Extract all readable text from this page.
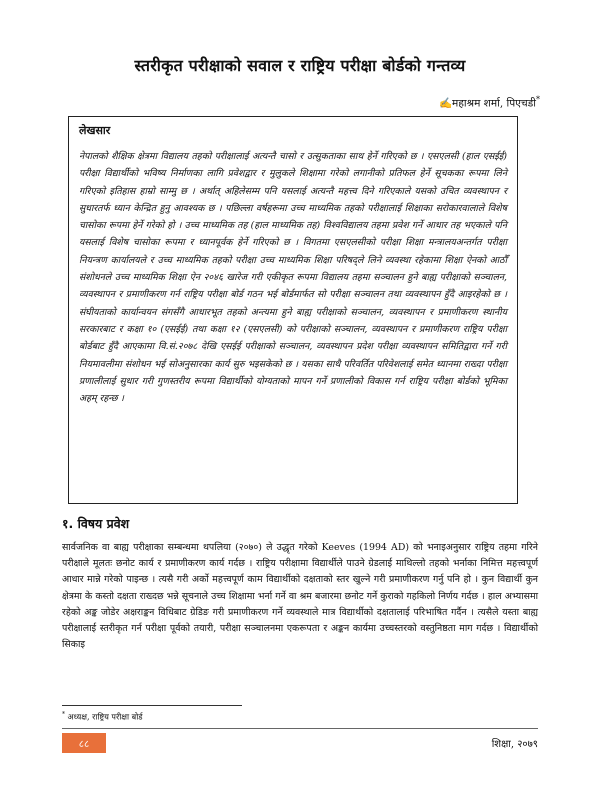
स्तरीकृत परीक्षाको सवाल र राष्ट्रिय परीक्षा बोर्डको गन्तव्य
✍महाश्रम शर्मा, पिएचडी*
लेखसार

नेपालको शैक्षिक क्षेत्रमा विद्यालय तहको परीक्षालाई अत्यन्तै चासो र उत्सुकताका साथ हेर्ने गरिएको छ । एसएलसी (हाल एसईई) परीक्षा विद्यार्थीको भविष्य निर्माणका लागि प्रवेशद्वार र मुलुकले शिक्षामा गरेको लगानीको प्रतिफल हेर्ने सूचकका रूपमा लिने गरिएको इतिहास हाम्रो साम्मु छ । अर्थात् अहिलेसम्म पनि यसलाई अत्यन्तै महत्त्व दिने गरिएकाले यसको उचित व्यवस्थापन र सुधारतर्फ ध्यान केन्द्रित हुनु आवश्यक छ । पछिल्ला वर्षहरूमा उच्च माध्यमिक तहको परीक्षालाई शिक्षाका सरोकारवालाले विशेष चासोका रूपमा हेर्ने गरेको हो । उच्च माध्यमिक तह (हाल माध्यमिक तह) विश्वविद्यालय तहमा प्रवेश गर्ने आधार तह भएकाले पनि यसलाई विशेष चासोका रूपमा र ध्यानपूर्वक हेर्ने गरिएको छ । विगतमा एसएलसीको परीक्षा शिक्षा मन्त्रालयअन्तर्गत परीक्षा नियन्त्रण कार्यालयले र उच्च माध्यमिक तहको परीक्षा उच्च माध्यमिक शिक्षा परिषद्ले लिने व्यवस्था रहेकामा शिक्षा ऐनको आठौँ संशोधनले उच्च माध्यमिक शिक्षा ऐन २०४६ खारेज गरी एकीकृत रूपमा विद्यालय तहमा सञ्चालन हुने बाह्य परीक्षाको सञ्चालन, व्यवस्थापन र प्रमाणीकरण गर्न राष्ट्रिय परीक्षा बोर्ड गठन भई बोर्डमार्फत सो परीक्षा सञ्चालन तथा व्यवस्थापन हुँदै आइरहेको छ । संघीयताको कार्यान्वयन संगसँगै आधारभूत तहको अन्त्यमा हुने बाह्य परीक्षाको सञ्चालन, व्यवस्थापन र प्रमाणीकरण स्थानीय सरकारबाट र कक्षा १० (एसईई) तथा कक्षा १२ (एसएलसी) को परीक्षाको सञ्चालन, व्यवस्थापन र प्रमाणीकरण राष्ट्रिय परीक्षा बोर्डबाट हुँदै आएकामा वि.सं.२०७८ देखि एसईई परीक्षाको सञ्चालन, व्यवस्थापन प्रदेश परीक्षा व्यवस्थापन समितिद्वारा गर्ने गरी नियमावलीमा संशोधन भई सोअनुसारका कार्य सुरु भइसकेको छ । यसका साथै परिवर्तित परिवेशलाई समेत ध्यानमा राख्दा परीक्षा प्रणालीलाई सुधार गरी गुणस्तरीय रूपमा विद्यार्थीको योग्यताको मापन गर्ने प्रणालीको विकास गर्न राष्ट्रिय परीक्षा बोर्डको भूमिका अहम् रहन्छ ।

१. विषय प्रवेश

सार्वजनिक वा बाह्य परीक्षाका सम्बन्धमा थपलिया (२०७०) ले उद्धृत गरेको Keeves (1994 AD) को भनाइअनुसार राष्ट्रिय तहमा गरिने परीक्षाले मूलतः छनोट कार्य र प्रमाणीकरण कार्य गर्दछ । राष्ट्रिय परीक्षामा विद्यार्थीले पाउने ग्रेडलाई माथिल्लो तहको भर्नाका निमित्त महत्त्वपूर्ण आधार मान्ने गरेको पाइन्छ । त्यसै गरी अर्को महत्त्वपूर्ण काम विद्यार्थीको दक्षताको स्तर खुल्ने गरी प्रमाणीकरण गर्नु पनि हो । कुन विद्यार्थी कुन क्षेत्रमा के कस्तो दक्षता राख्दछ भन्ने सूचनाले उच्च शिक्षामा भर्ना गर्ने वा श्रम बजारमा छनोट गर्ने कुराको गहकिलो निर्णय गर्दछ । हाल अभ्यासमा रहेको अङ्क जोडेर अक्षराङ्कन विधिबाट ग्रेडिङ गरी प्रमाणीकरण गर्ने व्यवस्थाले मात्र विद्यार्थीको दक्षतालाई परिभाषित गर्दैन । त्यसैले यस्ता बाह्य परीक्षालाई स्तरीकृत गर्न परीक्षा पूर्वको तयारी, परीक्षा सञ्चालनमा एकरूपता र अङ्कन कार्यमा उच्चस्तरको वस्तुनिष्ठता माग गर्दछ । विद्यार्थीको सिकाइ

* अध्यक्ष, राष्ट्रिय परीक्षा बोर्ड
८८	शिक्षा, २०७९
